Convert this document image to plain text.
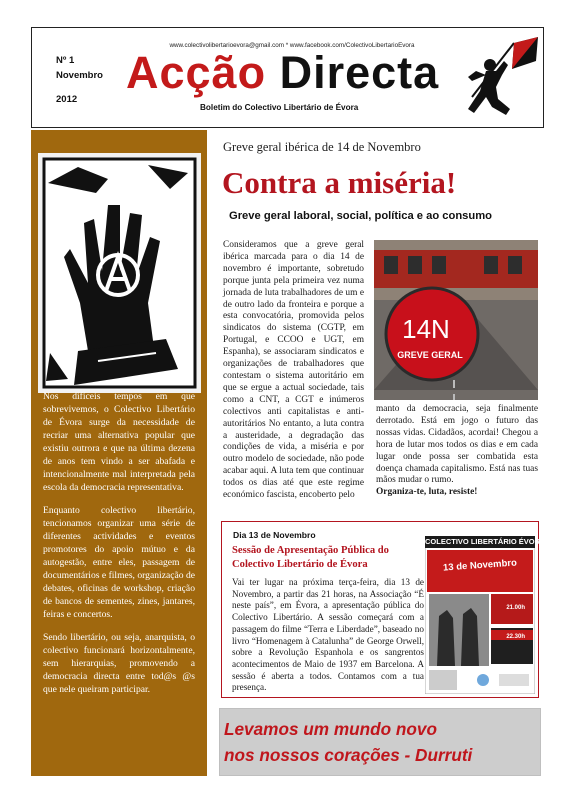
Nº 1
Novembro
2012
www.colectivolibertarioevora@gmail.com * www.facebook.com/ColectivoLibertarioEvora
Acção Directa
Boletim do Colectivo Libertário de Évora

Nos difíceis tempos em que sobrevivemos, o Colectivo Libertário de Évora surge da necessidade de recriar uma alternativa popular que existiu outrora e que na última dezena de anos tem vindo a ser abafada e intencionalmente mal interpretada pela escola da democracia representativa.

Enquanto colectivo libertário, tencionamos organizar uma série de diferentes actividades e eventos promotores do apoio mútuo e da autogestão, entre eles, passagem de documentários e filmes, organização de debates, oficinas de workshop, criação de bancos de sementes, zines, jantares, feiras e concertos.

Sendo libertário, ou seja, anarquista, o colectivo funcionará horizontalmente, sem hierarquias, promovendo a democracia directa entre tod@s @s que nele queiram participar.

Greve geral ibérica de 14 de Novembro
Contra a miséria!
Greve geral laboral, social, política e ao consumo
Consideramos que a greve geral ibérica marcada para o dia 14 de novembro é importante, sobretudo porque junta pela primeira vez numa jornada de luta trabalhadores de um e de outro lado da fronteira e porque a esta convocatória, promovida pelos sindicatos do sistema (CGTP, em Portugal, e CCOO e UGT, em Espanha), se associaram sindicatos e organizações de trabalhadores que contestam o sistema autoritário em que se ergue a actual sociedade, tais como a CNT, a CGT e inúmeros colectivos anti capitalistas e anti-autoritários No entanto, a luta contra a austeridade, a degradação das condições de vida, a miséria e por outro modelo de sociedade, não pode acabar aqui. A luta tem que continuar todos os dias até que este regime económico fascista, encoberto pelo
14N
GREVE GERAL
manto da democracia, seja finalmente derrotado. Está em jogo o futuro das nossas vidas. Cidadãos, acordai! Chegou a hora de lutar mos todos os dias e em cada lugar onde possa ser combatida esta doença chamada capitalismo. Está nas tuas mãos mudar o rumo.
Organiza-te, luta, resiste!
Dia 13 de Novembro
Sessão de Apresentação Pública do Colectivo Libertário de Évora
Vai ter lugar na próxima terça-feira, dia 13 de Novembro, a partir das 21 horas, na Associação “É neste país”, em Évora, a apresentação pública do Colectivo Libertário. A sessão começará com a passagem do filme “Terra e Liberdade”, baseado no livro “Homenagem à Catalunha” de George Orwell, sobre a Revolução Espanhola e os sangrentos acontecimentos de Maio de 1937 em Barcelona. A sessão é aberta a todos. Contamos com a tua presença.
21.00h
22.30h
COLECTIVO LIBERTÁRIO ÉVORA
13 de Novembro
Levamos um mundo novo
nos nossos corações - Durruti
